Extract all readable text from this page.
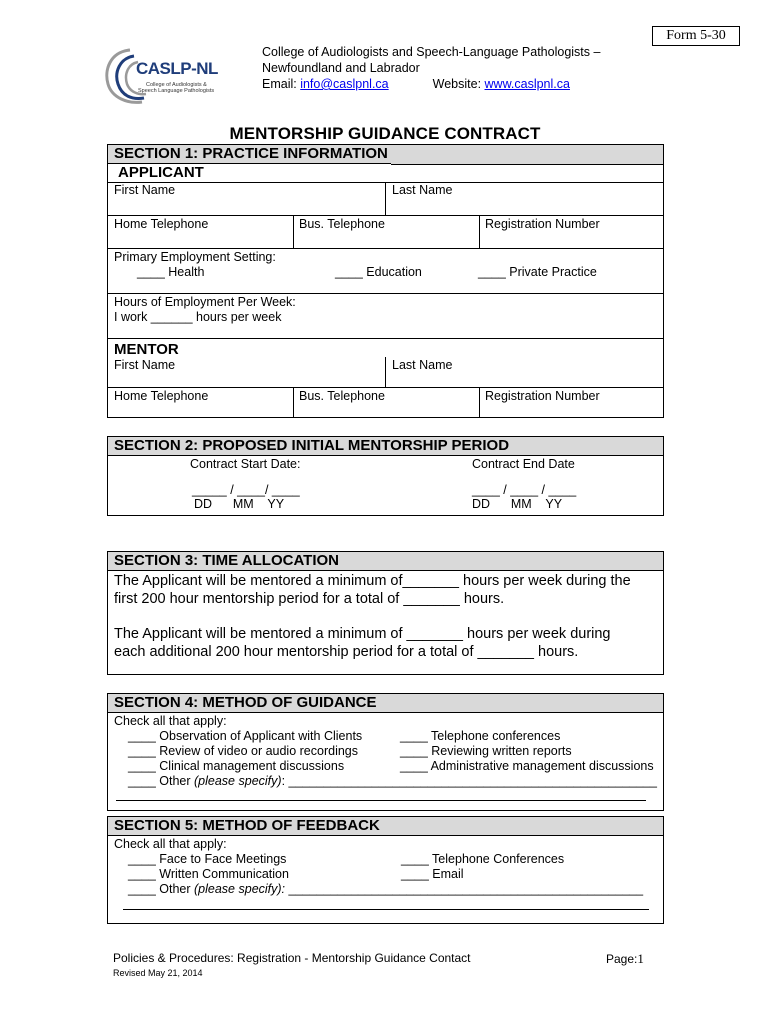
Form 5-30
CASLP-NL
College of Audiologists &
Speech Language Pathologists
College of Audiologists and Speech-Language Pathologists –
Newfoundland and Labrador
Email: info@caslpnl.ca	Website: www.caslpnl.ca
MENTORSHIP GUIDANCE CONTRACT
SECTION 1: PRACTICE INFORMATION
APPLICANT
First Name	Last Name
Home Telephone	Bus. Telephone	Registration Number
Primary Employment Setting:
____ Health	____ Education	____ Private Practice
Hours of Employment Per Week:
I work ______ hours per week
MENTOR
First Name	Last Name
Home Telephone	Bus. Telephone	Registration Number
SECTION 2: PROPOSED INITIAL MENTORSHIP PERIOD
Contract Start Date:	Contract End Date
_____ / ____/ ____	____ / ____ / ____
DD      MM    YY	DD      MM    YY
SECTION 3: TIME ALLOCATION
The Applicant will be mentored a minimum of_______ hours per week during the
first 200 hour mentorship period for a total of _______ hours.
The Applicant will be mentored a minimum of _______ hours per week during
each additional 200 hour mentorship period for a total of _______ hours.
SECTION 4: METHOD OF GUIDANCE
Check all that apply:
____ Observation of Applicant with Clients
____ Review of video or audio recordings
____ Clinical management discussions
____ Other (please specify): _____________________________________________________
____ Telephone conferences
____ Reviewing written reports
____ Administrative management discussions
SECTION 5: METHOD OF FEEDBACK
Check all that apply:
____ Face to Face Meetings
____ Written Communication
____ Other (please specify): ___________________________________________________
____ Telephone Conferences
____ Email
Policies & Procedures: Registration - Mentorship Guidance Contact	Page:1
Revised May 21, 2014
